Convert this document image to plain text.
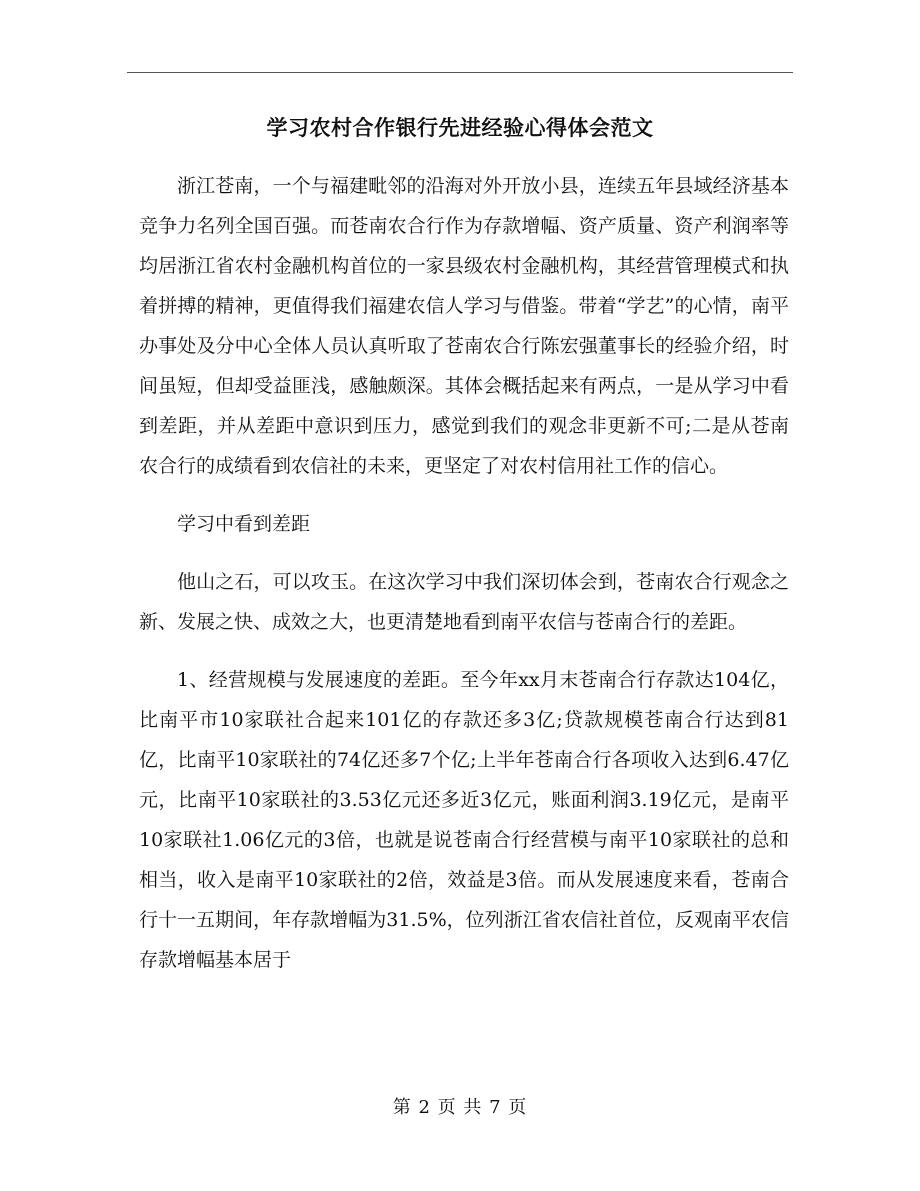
学习农村合作银行先进经验心得体会范文

浙江苍南，一个与福建毗邻的沿海对外开放小县，连续五年县域经济基本竞争力名列全国百强。而苍南农合行作为存款增幅、资产质量、资产利润率等均居浙江省农村金融机构首位的一家县级农村金融机构，其经营管理模式和执着拼搏的精神，更值得我们福建农信人学习与借鉴。带着“学艺”的心情，南平办事处及分中心全体人员认真听取了苍南农合行陈宏强董事长的经验介绍，时间虽短，但却受益匪浅，感触颇深。其体会概括起来有两点，一是从学习中看到差距，并从差距中意识到压力，感觉到我们的观念非更新不可;二是从苍南农合行的成绩看到农信社的未来，更坚定了对农村信用社工作的信心。

学习中看到差距

他山之石，可以攻玉。在这次学习中我们深切体会到，苍南农合行观念之新、发展之快、成效之大，也更清楚地看到南平农信与苍南合行的差距。

1、经营规模与发展速度的差距。至今年xx月末苍南合行存款达104亿，比南平市10家联社合起来101亿的存款还多3亿;贷款规模苍南合行达到81亿，比南平10家联社的74亿还多7个亿;上半年苍南合行各项收入达到6.47亿元，比南平10家联社的3.53亿元还多近3亿元，账面利润3.19亿元，是南平10家联社1.06亿元的3倍，也就是说苍南合行经营模与南平10家联社的总和相当，收入是南平10家联社的2倍，效益是3倍。而从发展速度来看，苍南合行十一五期间，年存款增幅为31.5%，位列浙江省农信社首位，反观南平农信存款增幅基本居于

第 2 页 共 7 页
